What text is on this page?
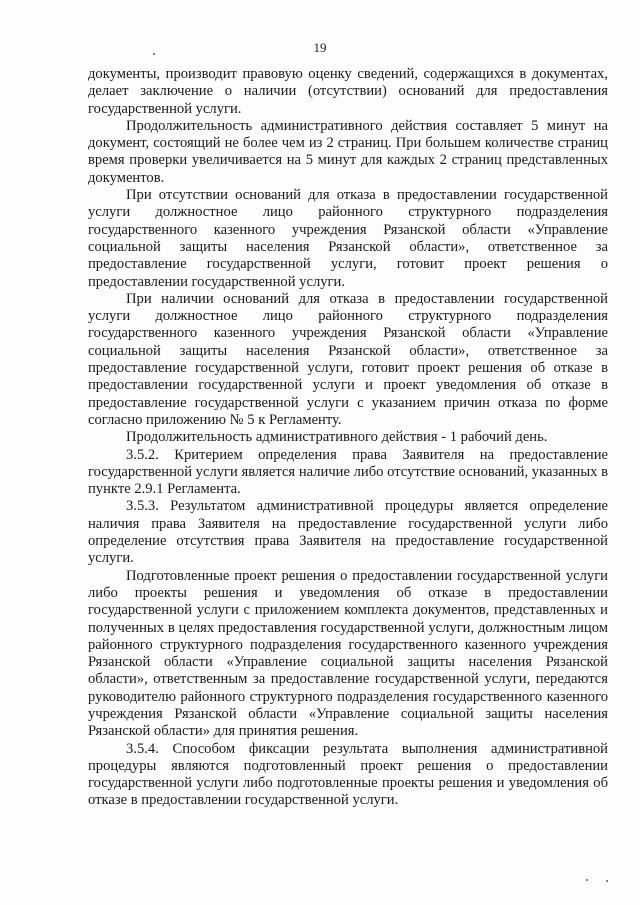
19

документы, производит правовую оценку сведений, содержащихся в документах, делает заключение о наличии (отсутствии) оснований для предоставления государственной услуги.

Продолжительность административного действия составляет 5 минут на документ, состоящий не более чем из 2 страниц. При большем количестве страниц время проверки увеличивается на 5 минут для каждых 2 страниц представленных документов.

При отсутствии оснований для отказа в предоставлении государственной услуги должностное лицо районного структурного подразделения государственного казенного учреждения Рязанской области «Управление социальной защиты населения Рязанской области», ответственное за предоставление государственной услуги, готовит проект решения о предоставлении государственной услуги.

При наличии оснований для отказа в предоставлении государственной услуги должностное лицо районного структурного подразделения государственного казенного учреждения Рязанской области «Управление социальной защиты населения Рязанской области», ответственное за предоставление государственной услуги, готовит проект решения об отказе в предоставлении государственной услуги и проект уведомления об отказе в предоставление государственной услуги с указанием причин отказа по форме согласно приложению № 5 к Регламенту.

Продолжительность административного действия - 1 рабочий день.

3.5.2. Критерием определения права Заявителя на предоставление государственной услуги является наличие либо отсутствие оснований, указанных в пункте 2.9.1 Регламента.

3.5.3. Результатом административной процедуры является определение наличия права Заявителя на предоставление государственной услуги либо определение отсутствия права Заявителя на предоставление государственной услуги.

Подготовленные проект решения о предоставлении государственной услуги либо проекты решения и уведомления об отказе в предоставлении государственной услуги с приложением комплекта документов, представленных и полученных в целях предоставления государственной услуги, должностным лицом районного структурного подразделения государственного казенного учреждения Рязанской области «Управление социальной защиты населения Рязанской области», ответственным за предоставление государственной услуги, передаются руководителю районного структурного подразделения государственного казенного учреждения Рязанской области «Управление социальной защиты населения Рязанской области» для принятия решения.

3.5.4. Способом фиксации результата выполнения административной процедуры являются подготовленный проект решения о предоставлении государственной услуги либо подготовленные проекты решения и уведомления об отказе в предоставлении государственной услуги.
